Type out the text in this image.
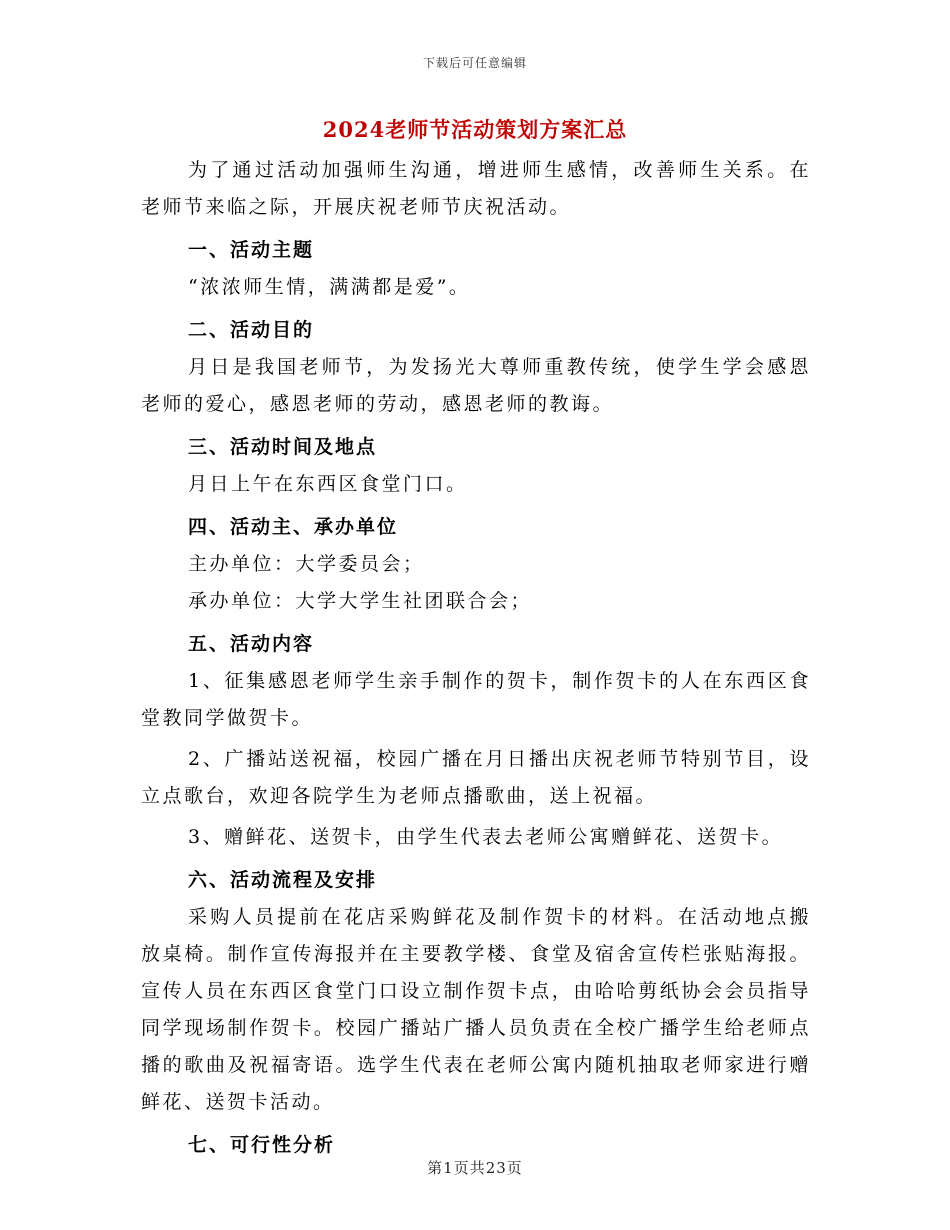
下载后可任意编辑
2024老师节活动策划方案汇总

为了通过活动加强师生沟通，增进师生感情，改善师生关系。在老师节来临之际，开展庆祝老师节庆祝活动。

一、活动主题

“浓浓师生情，满满都是爱”。

二、活动目的

月日是我国老师节，为发扬光大尊师重教传统，使学生学会感恩老师的爱心，感恩老师的劳动，感恩老师的教诲。

三、活动时间及地点

月日上午在东西区食堂门口。

四、活动主、承办单位

主办单位：大学委员会；

承办单位：大学大学生社团联合会；

五、活动内容

1、征集感恩老师学生亲手制作的贺卡，制作贺卡的人在东西区食堂教同学做贺卡。

2、广播站送祝福，校园广播在月日播出庆祝老师节特别节目，设立点歌台，欢迎各院学生为老师点播歌曲，送上祝福。

3、赠鲜花、送贺卡，由学生代表去老师公寓赠鲜花、送贺卡。

六、活动流程及安排

采购人员提前在花店采购鲜花及制作贺卡的材料。在活动地点搬放桌椅。制作宣传海报并在主要教学楼、食堂及宿舍宣传栏张贴海报。宣传人员在东西区食堂门口设立制作贺卡点，由哈哈剪纸协会会员指导同学现场制作贺卡。校园广播站广播人员负责在全校广播学生给老师点播的歌曲及祝福寄语。选学生代表在老师公寓内随机抽取老师家进行赠鲜花、送贺卡活动。

七、可行性分析

第1页共23页
